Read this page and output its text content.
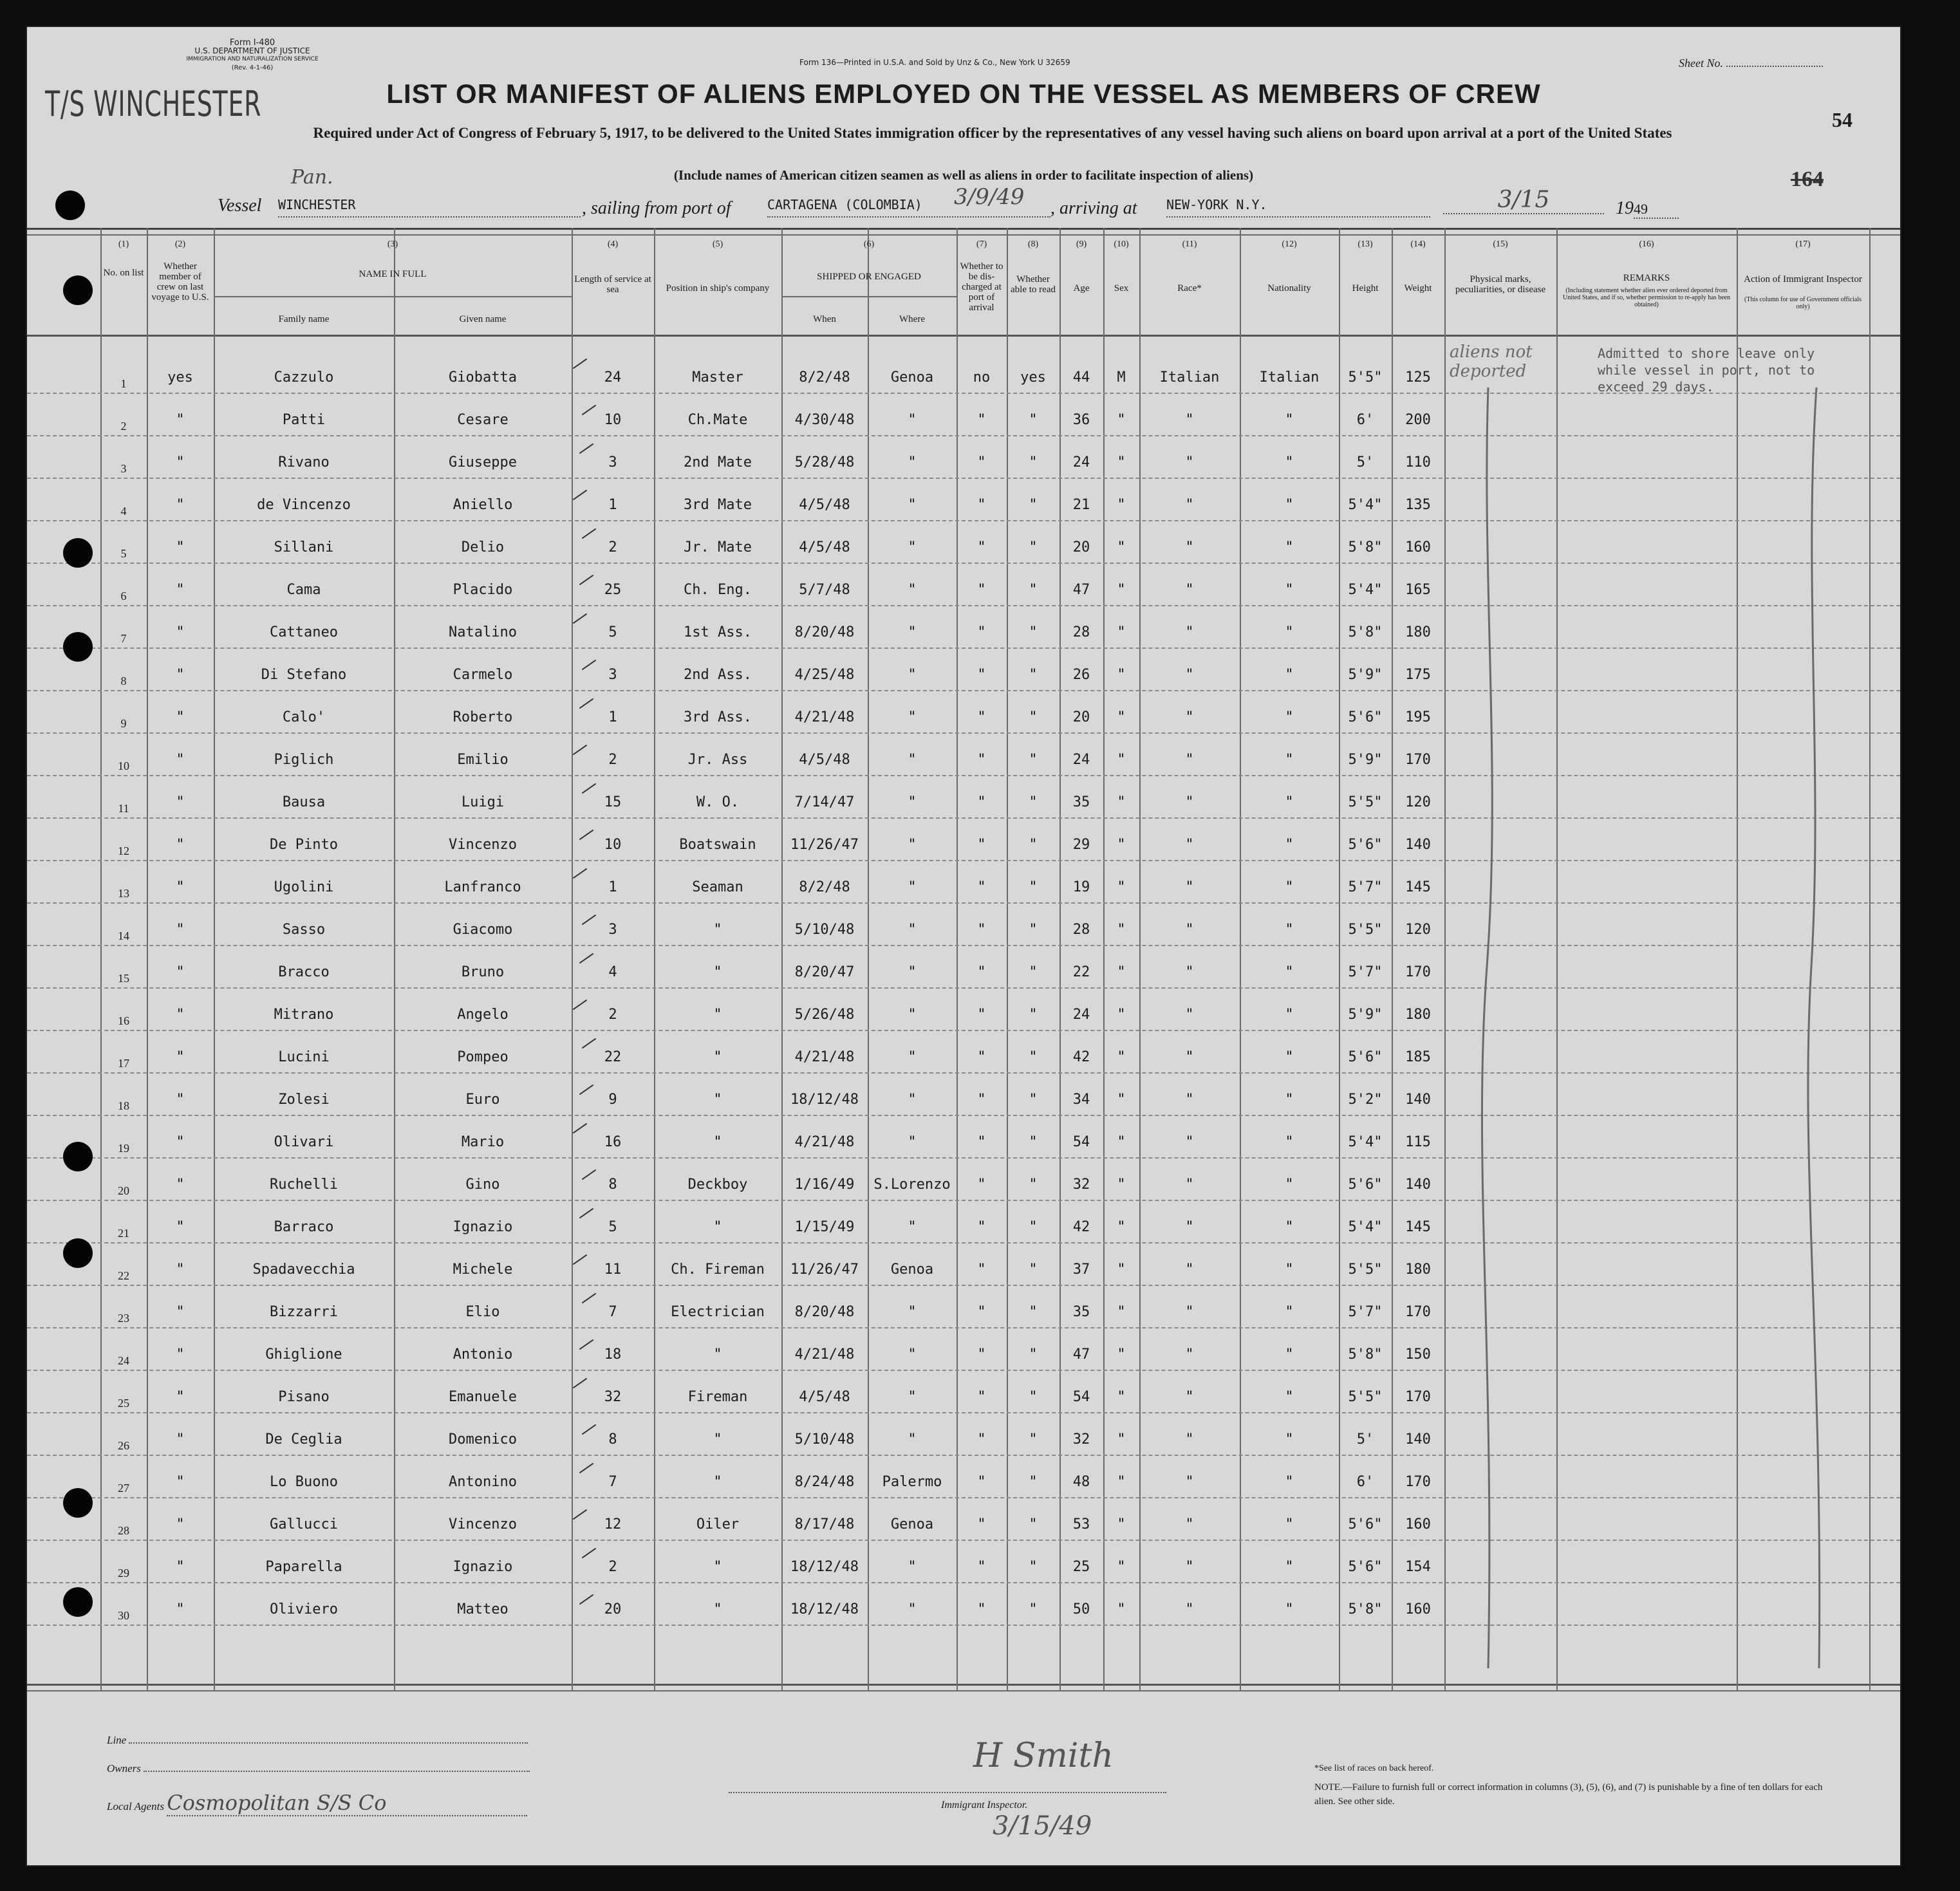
Form I-480
U.S. DEPARTMENT OF JUSTICE
IMMIGRATION AND NATURALIZATION SERVICE
(Rev. 4-1-46)
T/S WINCHESTER
Form 136—Printed in U.S.A. and Sold by Unz & Co., New York U 32659	Sheet No.
54
LIST OR MANIFEST OF ALIENS EMPLOYED ON THE VESSEL AS MEMBERS OF CREW
Required under Act of Congress of February 5, 1917, to be delivered to the United States immigration officer by the representatives of any vessel having such aliens on board upon arrival at a port of the United States
(Include names of American citizen seamen as well as aliens in order to facilitate inspection of aliens)	164
Vessel
Pan.
WINCHESTER	, sailing from port of	CARTAGENA (COLOMBIA)	3/9/49 , arriving at NEW-YORK N.Y.	3/15	1949
(1)	(2)	(3)	(4)	(5)	(6)	(7)	(8)	(9)	(10)	(11)	(12)	(13)	(14)	(15)	(16)	(17)
No. on list
Whether member of crew on last voyage to U.S.
NAME IN FULL
Family name	Given name
Length of service at sea	Position in ship's company
SHIPPED OR ENGAGED
When	Where
Whether to be dis-charged at port of arrival
Whether able to read	Age	Sex	Race*	Nationality	Height	Weight
Physical marks, peculiarities, or disease
REMARKS	Action of Immigrant Inspector
(Including statement whether alien ever ordered deported from United States, and if so, whether permission to re-apply has been obtained)
(This column for use of Government officials only)
1	yes	Cazzulo	Giobatta	24	Master	8/2/48	Genoa	no	yes	44	M	Italian	Italian	5'5"	125
2	"	Patti	Cesare	10	Ch.Mate	4/30/48	"	"	"	36	"	"	"	6'	200
3	"	Rivano	Giuseppe	3	2nd Mate	5/28/48	"	"	"	24	"	"	"	5'	110
4	"	de Vincenzo	Aniello	1	3rd Mate	4/5/48	"	"	"	21	"	"	"	5'4"	135
5	"	Sillani	Delio	2	Jr. Mate	4/5/48	"	"	"	20	"	"	"	5'8"	160
6	"	Cama	Placido	25	Ch. Eng.	5/7/48	"	"	"	47	"	"	"	5'4"	165
7	"	Cattaneo	Natalino	5	1st Ass.	8/20/48	"	"	"	28	"	"	"	5'8"	180
8	"	Di Stefano	Carmelo	3	2nd Ass.	4/25/48	"	"	"	26	"	"	"	5'9"	175
9	"	Calo'	Roberto	1	3rd Ass.	4/21/48	"	"	"	20	"	"	"	5'6"	195
10	"	Piglich	Emilio	2	Jr. Ass	4/5/48	"	"	"	24	"	"	"	5'9"	170
11	"	Bausa	Luigi	15	W. O.	7/14/47	"	"	"	35	"	"	"	5'5"	120
12	"	De Pinto	Vincenzo	10	Boatswain	11/26/47	"	"	"	29	"	"	"	5'6"	140
13	"	Ugolini	Lanfranco	1	Seaman	8/2/48	"	"	"	19	"	"	"	5'7"	145
14	"	Sasso	Giacomo	3	"	5/10/48	"	"	"	28	"	"	"	5'5"	120
15	"	Bracco	Bruno	4	"	8/20/47	"	"	"	22	"	"	"	5'7"	170
16	"	Mitrano	Angelo	2	"	5/26/48	"	"	"	24	"	"	"	5'9"	180
17	"	Lucini	Pompeo	22	"	4/21/48	"	"	"	42	"	"	"	5'6"	185
18	"	Zolesi	Euro	9	"	18/12/48	"	"	"	34	"	"	"	5'2"	140
19	"	Olivari	Mario	16	"	4/21/48	"	"	"	54	"	"	"	5'4"	115
20	"	Ruchelli	Gino	8	Deckboy	1/16/49	S.Lorenzo	"	"	32	"	"	"	5'6"	140
21	"	Barraco	Ignazio	5	"	1/15/49	"	"	"	42	"	"	"	5'4"	145
22	"	Spadavecchia	Michele	11	Ch. Fireman	11/26/47	Genoa	"	"	37	"	"	"	5'5"	180
23	"	Bizzarri	Elio	7	Electrician	8/20/48	"	"	"	35	"	"	"	5'7"	170
24	"	Ghiglione	Antonio	18	"	4/21/48	"	"	"	47	"	"	"	5'8"	150
25	"	Pisano	Emanuele	32	Fireman	4/5/48	"	"	"	54	"	"	"	5'5"	170
26	"	De Ceglia	Domenico	8	"	5/10/48	"	"	"	32	"	"	"	5'	140
27	"	Lo Buono	Antonino	7	"	8/24/48	Palermo	"	"	48	"	"	"	6'	170
28	"	Gallucci	Vincenzo	12	Oiler	8/17/48	Genoa	"	"	53	"	"	"	5'6"	160
29	"	Paparella	Ignazio	2	"	18/12/48	"	"	"	25	"	"	"	5'6"	154
30	"	Oliviero	Matteo	20	"	18/12/48	"	"	"	50	"	"	"	5'8"	160
aliens not deported
Admitted to shore leave only while vessel in port, not to exceed 29 days.
Line
Owners
Local Agents Cosmopolitan S/S Co
H Smith
Immigrant Inspector.
3/15/49
*See list of races on back hereof.
NOTE.—Failure to furnish full or correct information in columns (3), (5), (6), and (7) is punishable by a fine of ten dollars for each alien. See other side.
